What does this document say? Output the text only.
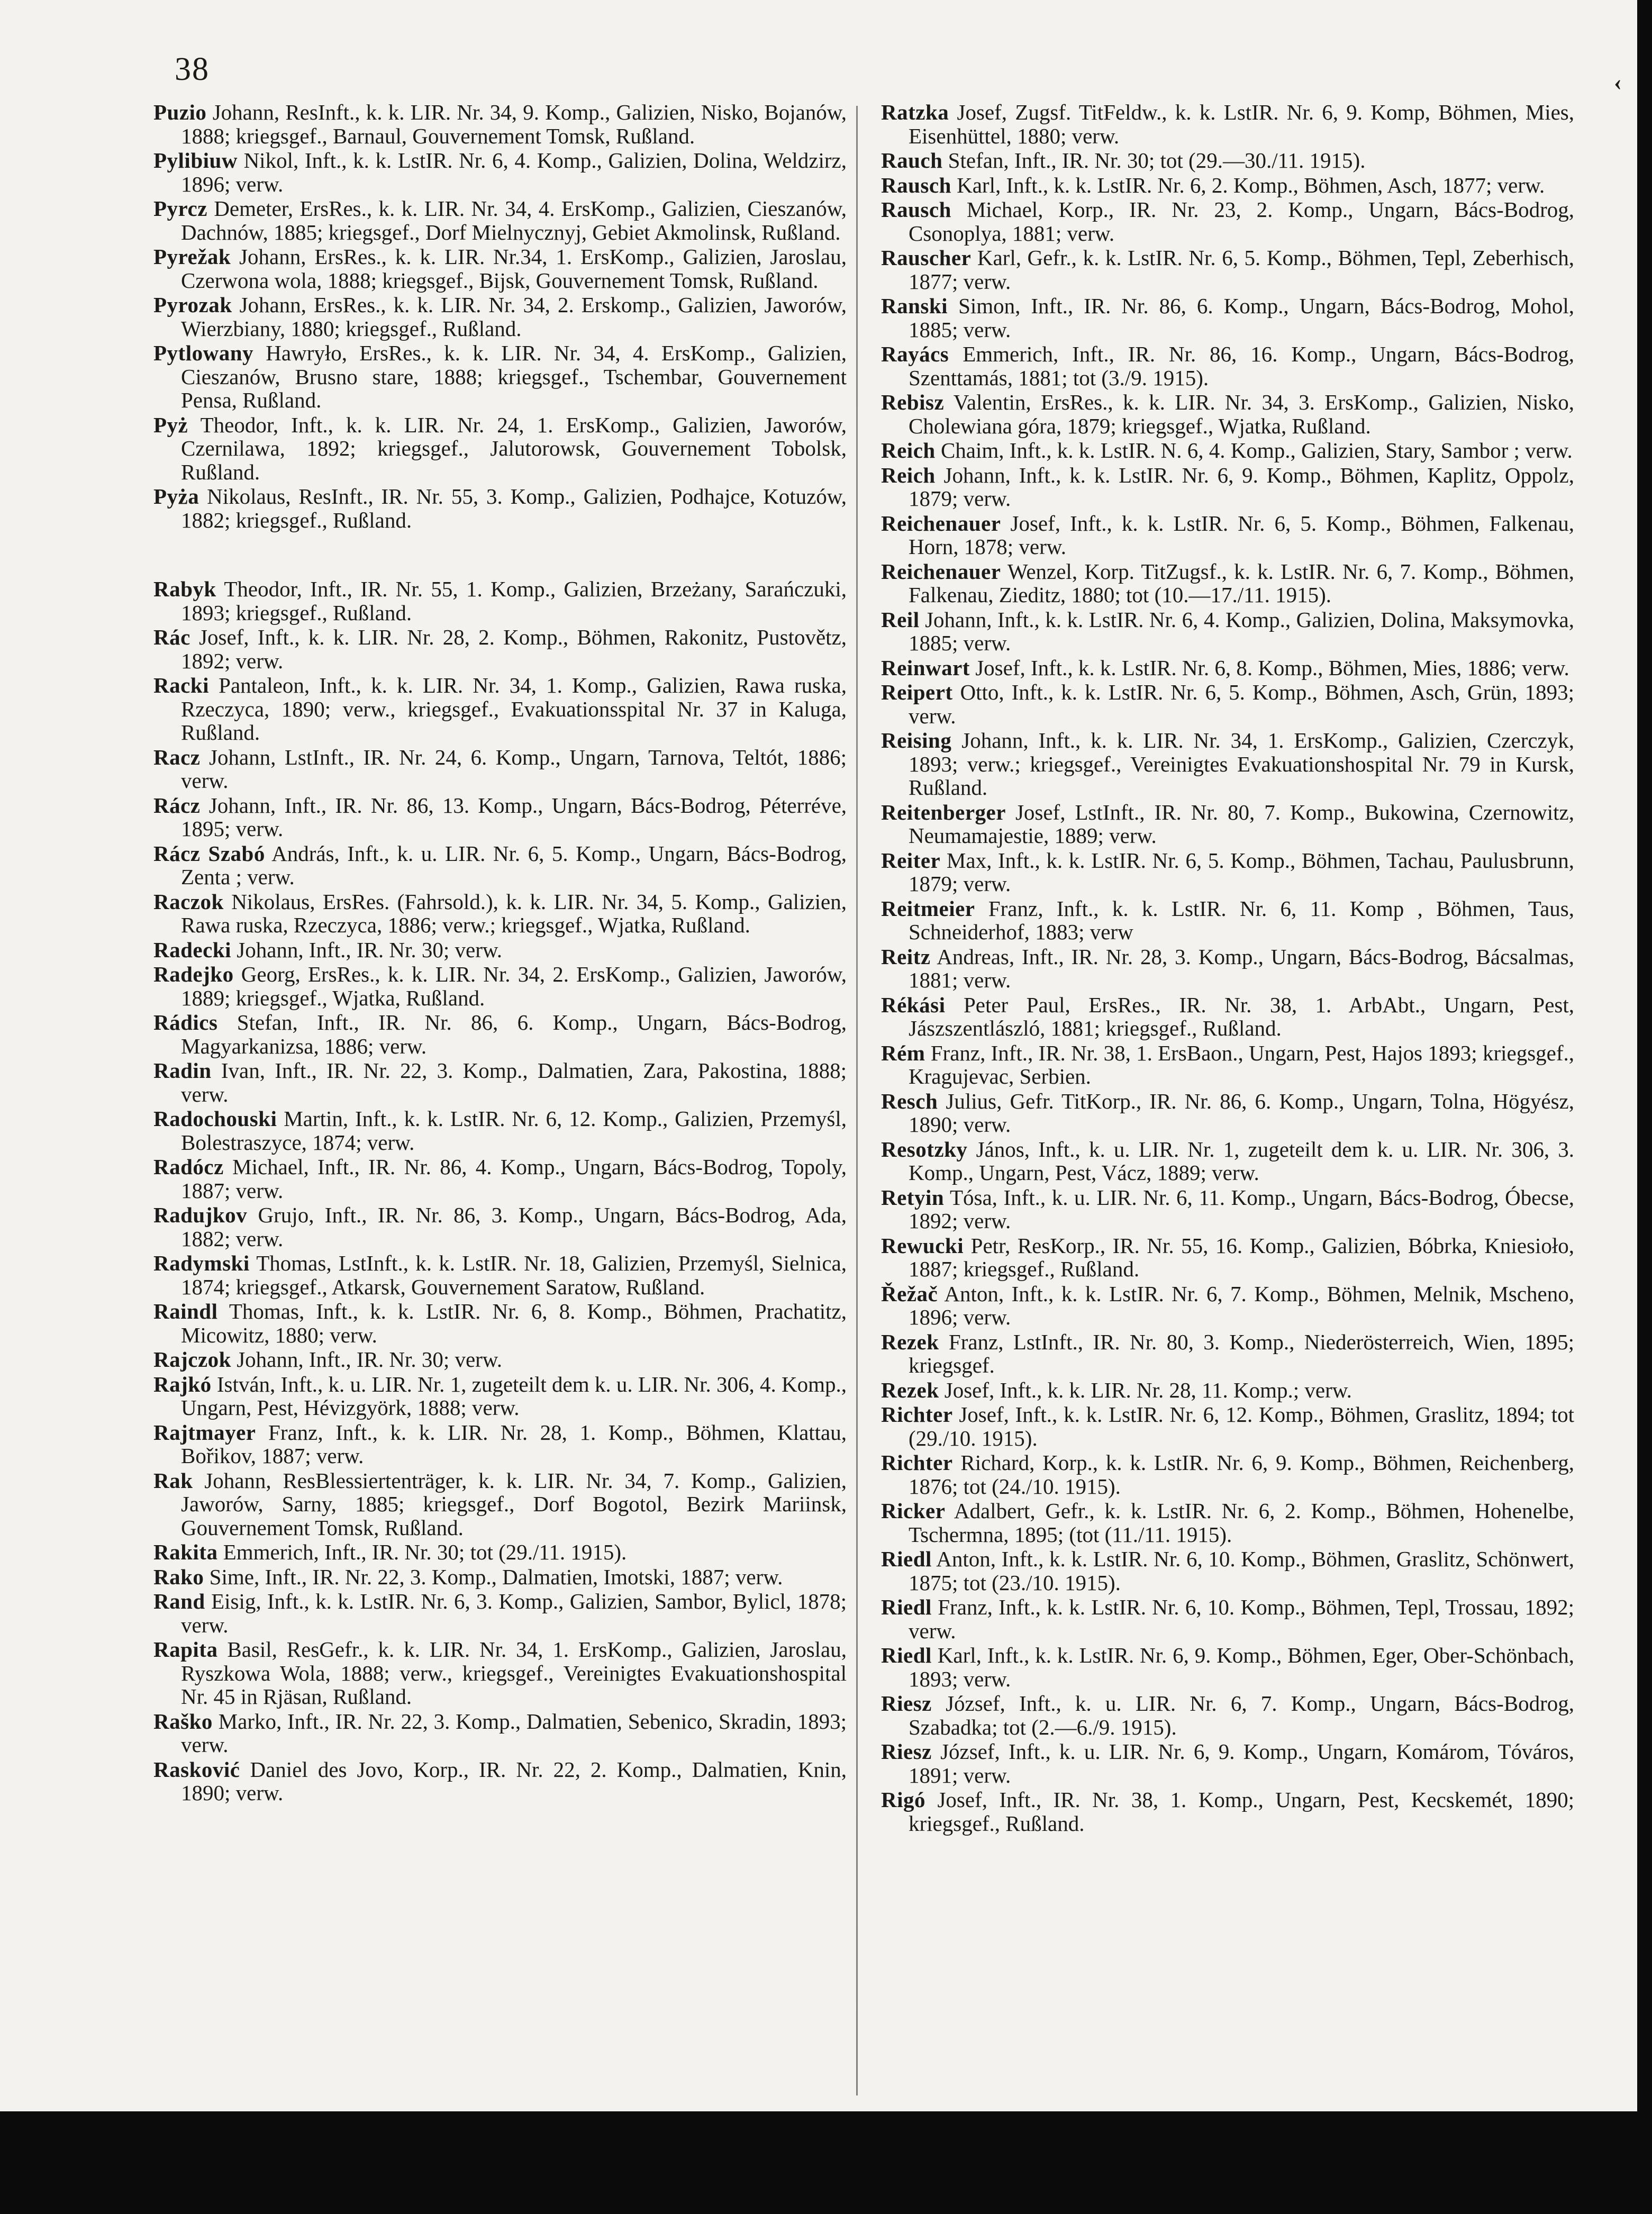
38	‹

Puzio Johann, ResInft., k. k. LIR. Nr. 34, 9. Komp., Galizien, Nisko, Bojanów, 1888; kriegsgef., Barnaul, Gouvernement Tomsk, Rußland.

Pylibiuw Nikol, Inft., k. k. LstIR. Nr. 6, 4. Komp., Galizien, Dolina, Weldzirz, 1896; verw.

Pyrcz Demeter, ErsRes., k. k. LIR. Nr. 34, 4. ErsKomp., Galizien, Cieszanów, Dachnów, 1885; kriegsgef., Dorf Mielnycznyj, Gebiet Akmolinsk, Rußland.

Pyrežak Johann, ErsRes., k. k. LIR. Nr.34, 1. ErsKomp., Galizien, Jaroslau, Czerwona wola, 1888; kriegsgef., Bijsk, Gouvernement Tomsk, Rußland.

Pyrozak Johann, ErsRes., k. k. LIR. Nr. 34, 2. Erskomp., Galizien, Jaworów, Wierzbiany, 1880; kriegsgef., Rußland.

Pytlowany Hawryło, ErsRes., k. k. LIR. Nr. 34, 4. ErsKomp., Galizien, Cieszanów, Brusno stare, 1888; kriegsgef., Tschembar, Gouvernement Pensa, Rußland.

Pyż Theodor, Inft., k. k. LIR. Nr. 24, 1. ErsKomp., Galizien, Jaworów, Czernilawa, 1892; kriegsgef., Jalutorowsk, Gouvernement Tobolsk, Rußland.

Pyża Nikolaus, ResInft., IR. Nr. 55, 3. Komp., Galizien, Podhajce, Kotuzów, 1882; kriegsgef., Rußland.

Rabyk Theodor, Inft., IR. Nr. 55, 1. Komp., Galizien, Brzeżany, Sarańczuki, 1893; kriegsgef., Rußland.

Rác Josef, Inft., k. k. LIR. Nr. 28, 2. Komp., Böhmen, Rakonitz, Pustovětz, 1892; verw.

Racki Pantaleon, Inft., k. k. LIR. Nr. 34, 1. Komp., Galizien, Rawa ruska, Rzeczyca, 1890; verw., kriegsgef., Evakuationsspital Nr. 37 in Kaluga, Rußland.

Racz Johann, LstInft., IR. Nr. 24, 6. Komp., Ungarn, Tarnova, Teltót, 1886; verw.

Rácz Johann, Inft., IR. Nr. 86, 13. Komp., Ungarn, Bács-Bodrog, Péterréve, 1895; verw.

Rácz Szabó András, Inft., k. u. LIR. Nr. 6, 5. Komp., Ungarn, Bács-Bodrog, Zenta ; verw.

Raczok Nikolaus, ErsRes. (Fahrsold.), k. k. LIR. Nr. 34, 5. Komp., Galizien, Rawa ruska, Rzeczyca, 1886; verw.; kriegsgef., Wjatka, Rußland.

Radecki Johann, Inft., IR. Nr. 30; verw.

Radejko Georg, ErsRes., k. k. LIR. Nr. 34, 2. ErsKomp., Galizien, Jaworów, 1889; kriegsgef., Wjatka, Rußland.

Rádics Stefan, Inft., IR. Nr. 86, 6. Komp., Ungarn, Bács-Bodrog, Magyarkanizsa, 1886; verw.

Radin Ivan, Inft., IR. Nr. 22, 3. Komp., Dalmatien, Zara, Pakostina, 1888; verw.

Radochouski Martin, Inft., k. k. LstIR. Nr. 6, 12. Komp., Galizien, Przemyśl, Bolestraszyce, 1874; verw.

Radócz Michael, Inft., IR. Nr. 86, 4. Komp., Ungarn, Bács-Bodrog, Topoly, 1887; verw.

Radujkov Grujo, Inft., IR. Nr. 86, 3. Komp., Ungarn, Bács-Bodrog, Ada, 1882; verw.

Radymski Thomas, LstInft., k. k. LstIR. Nr. 18, Galizien, Przemyśl, Sielnica, 1874; kriegsgef., Atkarsk, Gouvernement Saratow, Rußland.

Raindl Thomas, Inft., k. k. LstIR. Nr. 6, 8. Komp., Böhmen, Prachatitz, Micowitz, 1880; verw.

Rajczok Johann, Inft., IR. Nr. 30; verw.

Rajkó István, Inft., k. u. LIR. Nr. 1, zugeteilt dem k. u. LIR. Nr. 306, 4. Komp., Ungarn, Pest, Hévizgyörk, 1888; verw.

Rajtmayer Franz, Inft., k. k. LIR. Nr. 28, 1. Komp., Böhmen, Klattau, Bořikov, 1887; verw.

Rak Johann, ResBlessiertenträger, k. k. LIR. Nr. 34, 7. Komp., Galizien, Jaworów, Sarny, 1885; kriegsgef., Dorf Bogotol, Bezirk Mariinsk, Gouvernement Tomsk, Rußland.

Rakita Emmerich, Inft., IR. Nr. 30; tot (29./11. 1915).

Rako Sime, Inft., IR. Nr. 22, 3. Komp., Dalmatien, Imotski, 1887; verw.

Rand Eisig, Inft., k. k. LstIR. Nr. 6, 3. Komp., Galizien, Sambor, Bylicl, 1878; verw.

Rapita Basil, ResGefr., k. k. LIR. Nr. 34, 1. ErsKomp., Galizien, Jaroslau, Ryszkowa Wola, 1888; verw., kriegsgef., Vereinigtes Evakuationshospital Nr. 45 in Rjäsan, Rußland.

Raško Marko, Inft., IR. Nr. 22, 3. Komp., Dalmatien, Sebenico, Skradin, 1893; verw.

Rasković Daniel des Jovo, Korp., IR. Nr. 22, 2. Komp., Dalmatien, Knin, 1890; verw.

Ratzka Josef, Zugsf. TitFeldw., k. k. LstIR. Nr. 6, 9. Komp, Böhmen, Mies, Eisenhüttel, 1880; verw.

Rauch Stefan, Inft., IR. Nr. 30; tot (29.—30./11. 1915).

Rausch Karl, Inft., k. k. LstIR. Nr. 6, 2. Komp., Böhmen, Asch, 1877; verw.

Rausch Michael, Korp., IR. Nr. 23, 2. Komp., Ungarn, Bács-Bodrog, Csonoplya, 1881; verw.

Rauscher Karl, Gefr., k. k. LstIR. Nr. 6, 5. Komp., Böhmen, Tepl, Zeberhisch, 1877; verw.

Ranski Simon, Inft., IR. Nr. 86, 6. Komp., Ungarn, Bács-Bodrog, Mohol, 1885; verw.

Rayács Emmerich, Inft., IR. Nr. 86, 16. Komp., Ungarn, Bács-Bodrog, Szenttamás, 1881; tot (3./9. 1915).

Rebisz Valentin, ErsRes., k. k. LIR. Nr. 34, 3. ErsKomp., Galizien, Nisko, Cholewiana góra, 1879; kriegsgef., Wjatka, Rußland.

Reich Chaim, Inft., k. k. LstIR. N. 6, 4. Komp., Galizien, Stary, Sambor ; verw.

Reich Johann, Inft., k. k. LstIR. Nr. 6, 9. Komp., Böhmen, Kaplitz, Oppolz, 1879; verw.

Reichenauer Josef, Inft., k. k. LstIR. Nr. 6, 5. Komp., Böhmen, Falkenau, Horn, 1878; verw.

Reichenauer Wenzel, Korp. TitZugsf., k. k. LstIR. Nr. 6, 7. Komp., Böhmen, Falkenau, Zieditz, 1880; tot (10.—17./11. 1915).

Reil Johann, Inft., k. k. LstIR. Nr. 6, 4. Komp., Galizien, Dolina, Maksymovka, 1885; verw.

Reinwart Josef, Inft., k. k. LstIR. Nr. 6, 8. Komp., Böhmen, Mies, 1886; verw.

Reipert Otto, Inft., k. k. LstIR. Nr. 6, 5. Komp., Böhmen, Asch, Grün, 1893; verw.

Reising Johann, Inft., k. k. LIR. Nr. 34, 1. ErsKomp., Galizien, Czerczyk, 1893; verw.; kriegsgef., Vereinigtes Evakuationshospital Nr. 79 in Kursk, Rußland.

Reitenberger Josef, LstInft., IR. Nr. 80, 7. Komp., Bukowina, Czernowitz, Neumamajestie, 1889; verw.

Reiter Max, Inft., k. k. LstIR. Nr. 6, 5. Komp., Böhmen, Tachau, Paulusbrunn, 1879; verw.

Reitmeier Franz, Inft., k. k. LstIR. Nr. 6, 11. Komp , Böhmen, Taus, Schneiderhof, 1883; verw

Reitz Andreas, Inft., IR. Nr. 28, 3. Komp., Ungarn, Bács-Bodrog, Bácsalmas, 1881; verw.

Rékási Peter Paul, ErsRes., IR. Nr. 38, 1. ArbAbt., Ungarn, Pest, Jászszentlászló, 1881; kriegsgef., Rußland.

Rém Franz, Inft., IR. Nr. 38, 1. ErsBaon., Ungarn, Pest, Hajos 1893; kriegsgef., Kragujevac, Serbien.

Resch Julius, Gefr. TitKorp., IR. Nr. 86, 6. Komp., Ungarn, Tolna, Högyész, 1890; verw.

Resotzky János, Inft., k. u. LIR. Nr. 1, zugeteilt dem k. u. LIR. Nr. 306, 3. Komp., Ungarn, Pest, Vácz, 1889; verw.

Retyin Tósa, Inft., k. u. LIR. Nr. 6, 11. Komp., Ungarn, Bács-Bodrog, Óbecse, 1892; verw.

Rewucki Petr, ResKorp., IR. Nr. 55, 16. Komp., Galizien, Bóbrka, Kniesioło, 1887; kriegsgef., Rußland.

Řežač Anton, Inft., k. k. LstIR. Nr. 6, 7. Komp., Böhmen, Melnik, Mscheno, 1896; verw.

Rezek Franz, LstInft., IR. Nr. 80, 3. Komp., Niederösterreich, Wien, 1895; kriegsgef.

Rezek Josef, Inft., k. k. LIR. Nr. 28, 11. Komp.; verw.

Richter Josef, Inft., k. k. LstIR. Nr. 6, 12. Komp., Böhmen, Graslitz, 1894; tot (29./10. 1915).

Richter Richard, Korp., k. k. LstIR. Nr. 6, 9. Komp., Böhmen, Reichenberg, 1876; tot (24./10. 1915).

Ricker Adalbert, Gefr., k. k. LstIR. Nr. 6, 2. Komp., Böhmen, Hohenelbe, Tschermna, 1895; (tot (11./11. 1915).

Riedl Anton, Inft., k. k. LstIR. Nr. 6, 10. Komp., Böhmen, Graslitz, Schönwert, 1875; tot (23./10. 1915).

Riedl Franz, Inft., k. k. LstIR. Nr. 6, 10. Komp., Böhmen, Tepl, Trossau, 1892; verw.

Riedl Karl, Inft., k. k. LstIR. Nr. 6, 9. Komp., Böhmen, Eger, Ober-Schönbach, 1893; verw.

Riesz József, Inft., k. u. LIR. Nr. 6, 7. Komp., Ungarn, Bács-Bodrog, Szabadka; tot (2.—6./9. 1915).

Riesz József, Inft., k. u. LIR. Nr. 6, 9. Komp., Ungarn, Komárom, Tóváros, 1891; verw.

Rigó Josef, Inft., IR. Nr. 38, 1. Komp., Ungarn, Pest, Kecskemét, 1890; kriegsgef., Rußland.
